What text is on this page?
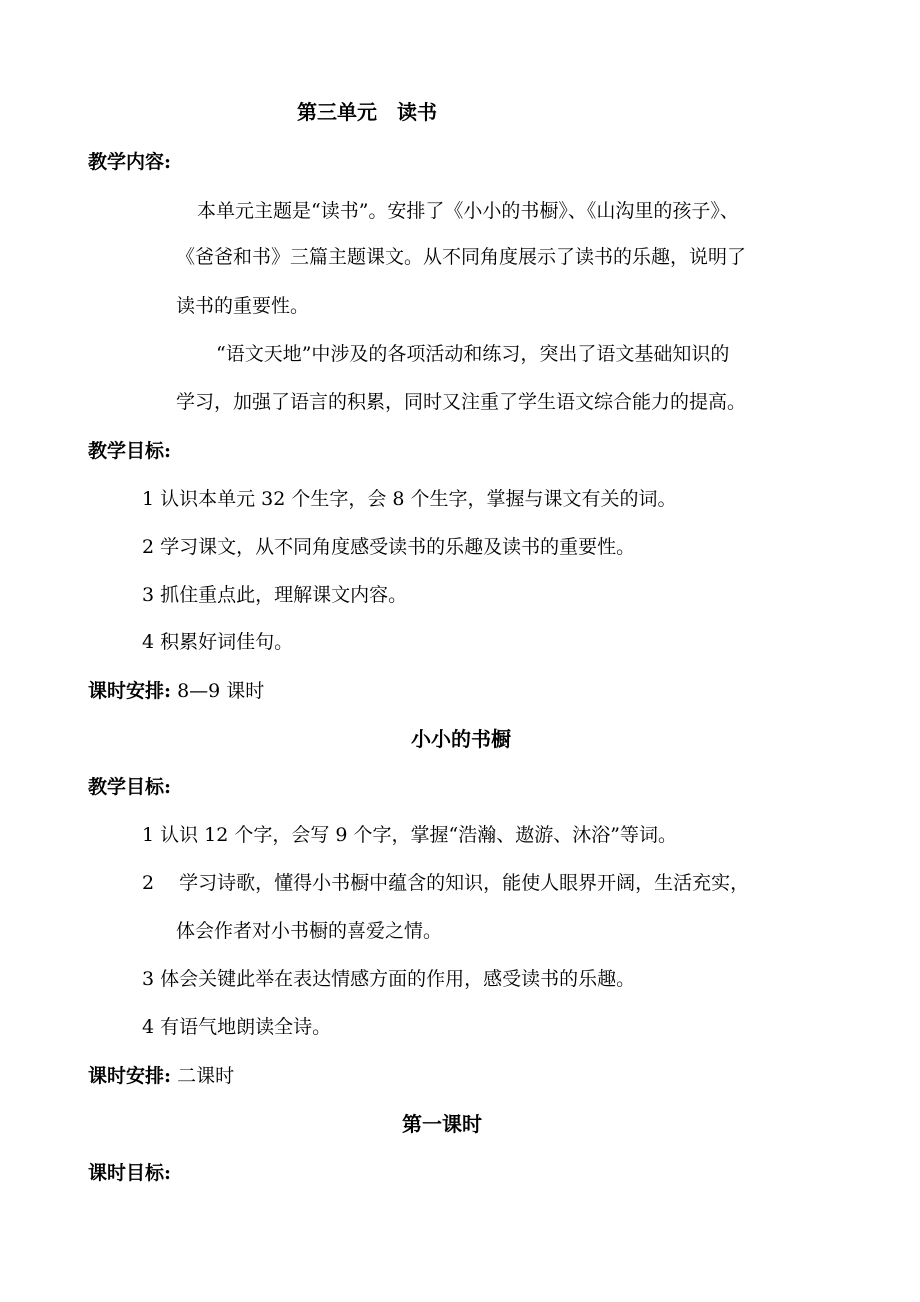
第三单元　读书
教学内容:
本单元主题是“读书”。安排了《小小的书橱》、《山沟里的孩子》、
《爸爸和书》三篇主题课文。从不同角度展示了读书的乐趣，说明了
读书的重要性。
“语文天地”中涉及的各项活动和练习，突出了语文基础知识的
学习，加强了语言的积累，同时又注重了学生语文综合能力的提高。
教学目标:
1 认识本单元 32 个生字，会 8 个生字，掌握与课文有关的词。
2 学习课文，从不同角度感受读书的乐趣及读书的重要性。
3 抓住重点此，理解课文内容。
4 积累好词佳句。
课时安排: 8—9 课时
小小的书橱
教学目标:
1 认识 12 个字，会写 9 个字，掌握“浩瀚、遨游、沐浴”等词。
2　 学习诗歌，懂得小书橱中蕴含的知识，能使人眼界开阔，生活充实，
体会作者对小书橱的喜爱之情。
3 体会关键此举在表达情感方面的作用，感受读书的乐趣。
4 有语气地朗读全诗。
课时安排: 二课时
第一课时
课时目标:
